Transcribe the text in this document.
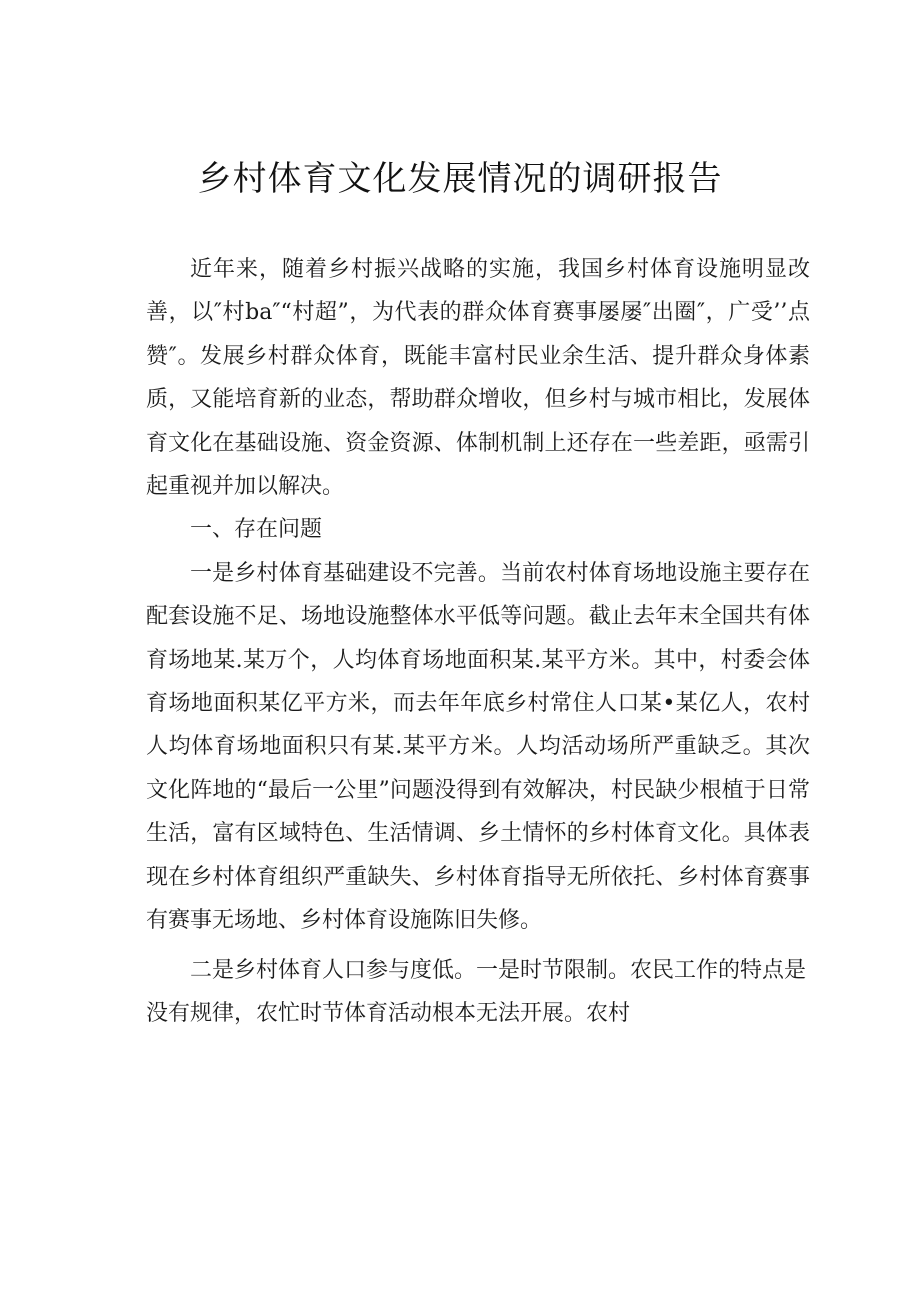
乡村体育文化发展情况的调研报告

近年来，随着乡村振兴战略的实施，我国乡村体育设施明显改善，以″村ba″“村超”，为代表的群众体育赛事屡屡″出圈″，广受’’点赞″。发展乡村群众体育，既能丰富村民业余生活、提升群众身体素质，又能培育新的业态，帮助群众增收，但乡村与城市相比，发展体育文化在基础设施、资金资源、体制机制上还存在一些差距，亟需引起重视并加以解决。

一、存在问题

一是乡村体育基础建设不完善。当前农村体育场地设施主要存在配套设施不足、场地设施整体水平低等问题。截止去年末全国共有体育场地某.某万个，人均体育场地面积某.某平方米。其中，村委会体育场地面积某亿平方米，而去年年底乡村常住人口某•某亿人，农村人均体育场地面积只有某.某平方米。人均活动场所严重缺乏。其次文化阵地的“最后一公里”问题没得到有效解决，村民缺少根植于日常生活，富有区域特色、生活情调、乡土情怀的乡村体育文化。具体表现在乡村体育组织严重缺失、乡村体育指导无所依托、乡村体育赛事有赛事无场地、乡村体育设施陈旧失修。

二是乡村体育人口参与度低。一是时节限制。农民工作的特点是没有规律，农忙时节体育活动根本无法开展。农村
